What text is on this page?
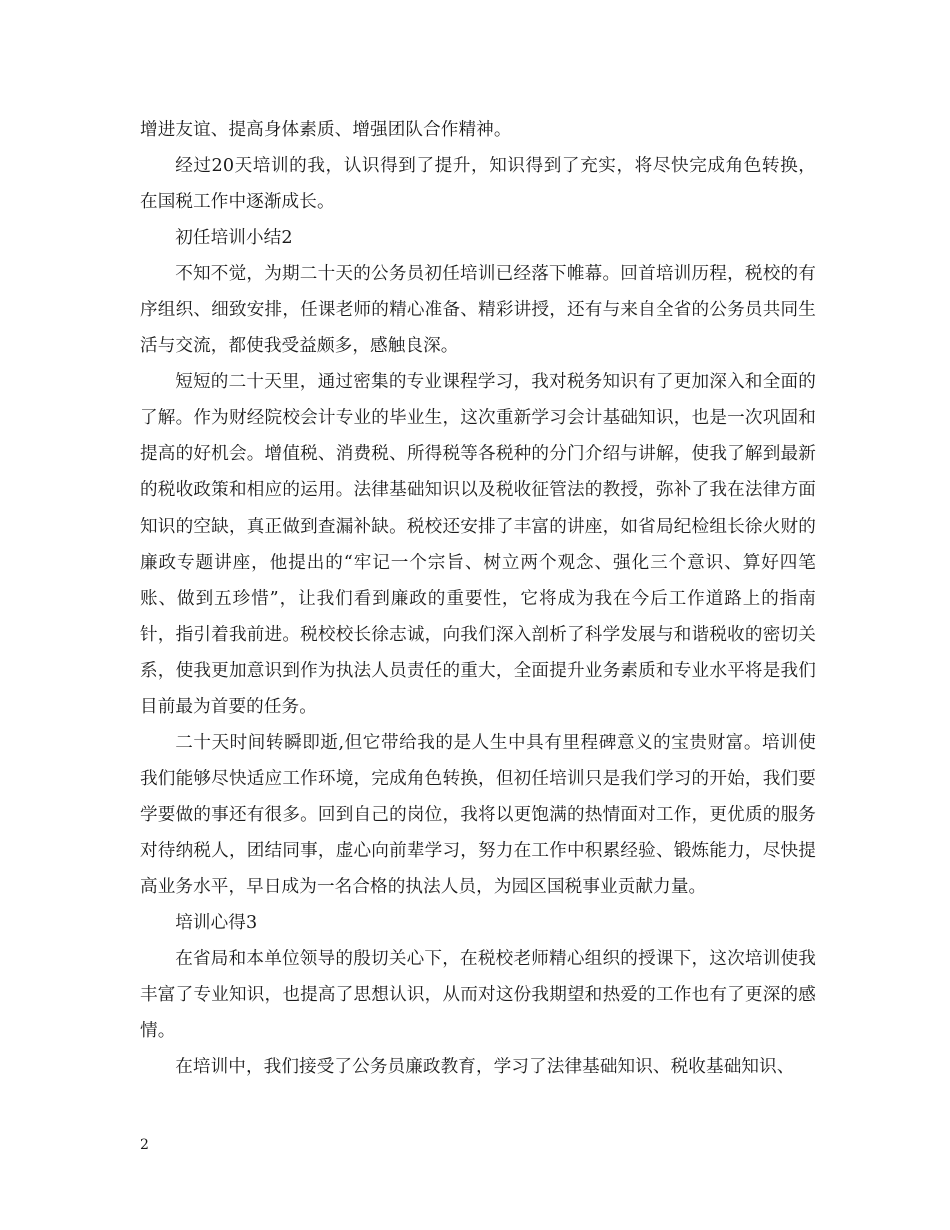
增进友谊、提高身体素质、增强团队合作精神。

经过20天培训的我，认识得到了提升，知识得到了充实，将尽快完成角色转换，在国税工作中逐渐成长。

初任培训小结2

不知不觉，为期二十天的公务员初任培训已经落下帷幕。回首培训历程，税校的有序组织、细致安排，任课老师的精心准备、精彩讲授，还有与来自全省的公务员共同生活与交流，都使我受益颇多，感触良深。

短短的二十天里，通过密集的专业课程学习，我对税务知识有了更加深入和全面的了解。作为财经院校会计专业的毕业生，这次重新学习会计基础知识，也是一次巩固和提高的好机会。增值税、消费税、所得税等各税种的分门介绍与讲解，使我了解到最新的税收政策和相应的运用。法律基础知识以及税收征管法的教授，弥补了我在法律方面知识的空缺，真正做到查漏补缺。税校还安排了丰富的讲座，如省局纪检组长徐火财的廉政专题讲座，他提出的“牢记一个宗旨、树立两个观念、强化三个意识、算好四笔账、做到五珍惜”，让我们看到廉政的重要性，它将成为我在今后工作道路上的指南针，指引着我前进。税校校长徐志诚，向我们深入剖析了科学发展与和谐税收的密切关系，使我更加意识到作为执法人员责任的重大，全面提升业务素质和专业水平将是我们目前最为首要的任务。

二十天时间转瞬即逝,但它带给我的是人生中具有里程碑意义的宝贵财富。培训使我们能够尽快适应工作环境，完成角色转换，但初任培训只是我们学习的开始，我们要学要做的事还有很多。回到自己的岗位，我将以更饱满的热情面对工作，更优质的服务对待纳税人，团结同事，虚心向前辈学习，努力在工作中积累经验、锻炼能力，尽快提高业务水平，早日成为一名合格的执法人员，为园区国税事业贡献力量。

培训心得3

在省局和本单位领导的殷切关心下，在税校老师精心组织的授课下，这次培训使我丰富了专业知识，也提高了思想认识，从而对这份我期望和热爱的工作也有了更深的感情。

在培训中，我们接受了公务员廉政教育，学习了法律基础知识、税收基础知识、

2
